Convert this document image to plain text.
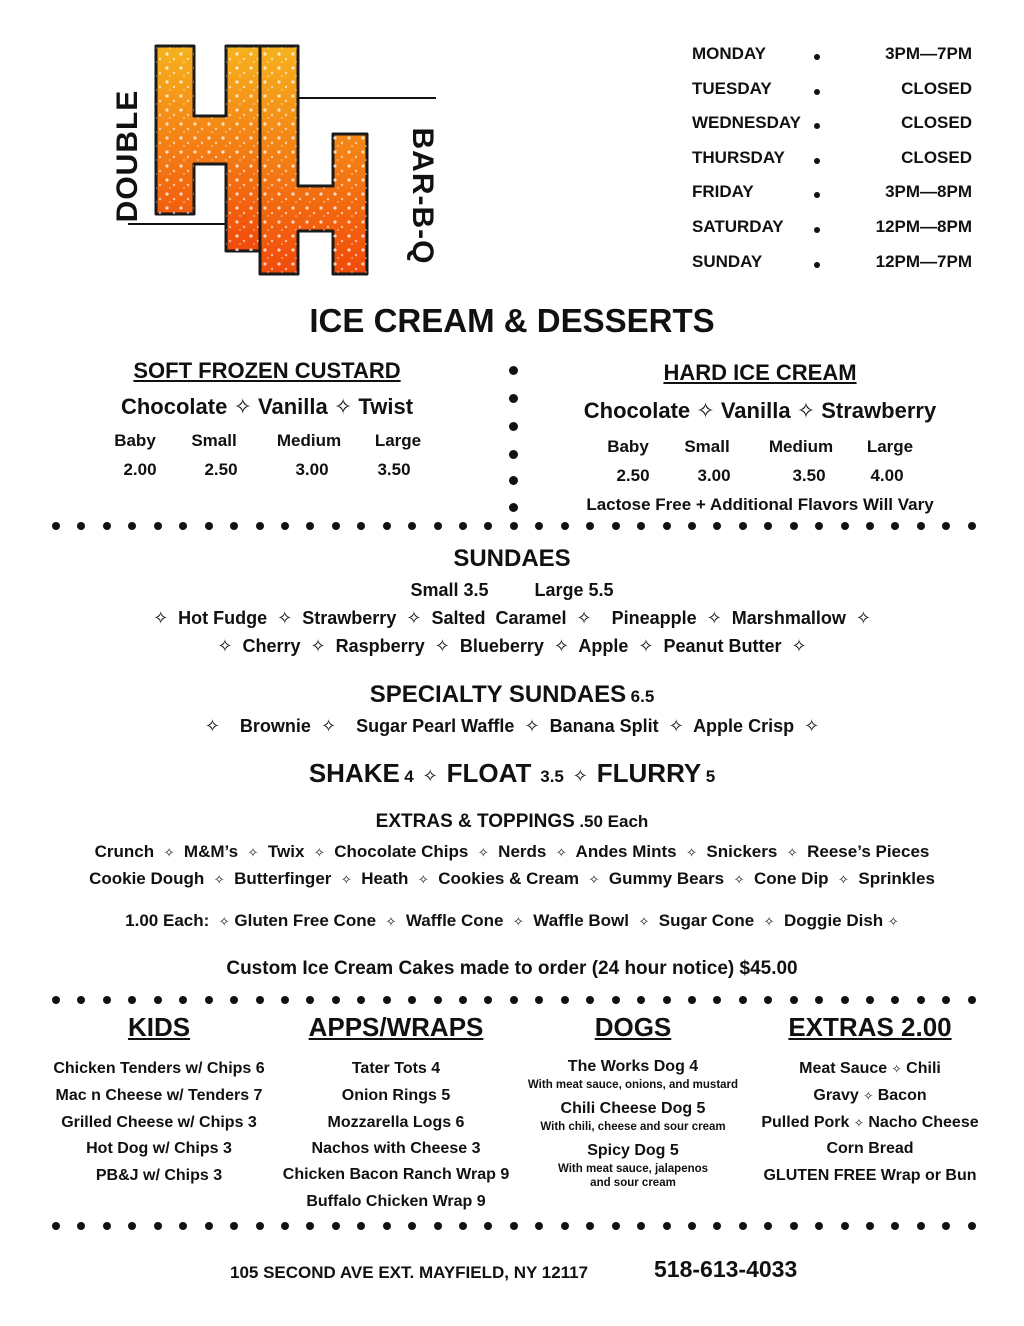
DOUBLE	BAR-B-Q
MONDAY	3PM—7PM
TUESDAY	CLOSED
WEDNESDAY	CLOSED
THURSDAY	CLOSED
FRIDAY	3PM—8PM
SATURDAY	12PM—8PM
SUNDAY	12PM—7PM
ICE CREAM & DESSERTS
SOFT FROZEN CUSTARD
Chocolate ✧ Vanilla ✧ Twist
Baby	Small	Medium	Large
2.00	2.50	3.00	3.50
HARD ICE CREAM
Chocolate ✧ Vanilla ✧ Strawberry
Baby	Small	Medium	Large
2.50	3.00	3.50	4.00
Lactose Free + Additional Flavors Will Vary
SUNDAES
Small 3.5	Large 5.5
✧ Hot Fudge ✧ Strawberry ✧ Salted  Caramel ✧ Pineapple ✧ Marshmallow ✧
✧ Cherry ✧ Raspberry ✧ Blueberry ✧ Apple ✧ Peanut Butter ✧
SPECIALTY SUNDAES 6.5
✧ Brownie ✧ Sugar Pearl Waffle ✧ Banana Split ✧ Apple Crisp ✧
SHAKE 4 ✧ FLOAT 3.5 ✧ FLURRY 5
EXTRAS & TOPPINGS .50 Each
Crunch ✧ M&M’s ✧ Twix ✧ Chocolate Chips ✧ Nerds ✧ Andes Mints ✧ Snickers ✧ Reese’s Pieces
Cookie Dough ✧ Butterfinger ✧ Heath ✧ Cookies & Cream ✧ Gummy Bears ✧ Cone Dip ✧ Sprinkles
1.00 Each: ✧ Gluten Free Cone ✧ Waffle Cone ✧ Waffle Bowl ✧ Sugar Cone ✧ Doggie Dish ✧
Custom Ice Cream Cakes made to order (24 hour notice) $45.00
KIDS
Chicken Tenders w/ Chips 6
Mac n Cheese w/ Tenders 7
Grilled Cheese w/ Chips 3
Hot Dog w/ Chips 3
PB&J w/ Chips 3
APPS/WRAPS
Tater Tots 4
Onion Rings 5
Mozzarella Logs 6
Nachos with Cheese 3
Chicken Bacon Ranch Wrap 9
Buffalo Chicken Wrap 9
DOGS
The Works Dog 4
With meat sauce, onions, and mustard
Chili Cheese Dog 5
With chili, cheese and sour cream
Spicy Dog 5
With meat sauce, jalapenos
and sour cream
EXTRAS 2.00
Meat Sauce ✧ Chili
Gravy ✧ Bacon
Pulled Pork ✧ Nacho Cheese
Corn Bread
GLUTEN FREE Wrap or Bun
105 SECOND AVE EXT. MAYFIELD, NY 12117	518-613-4033
